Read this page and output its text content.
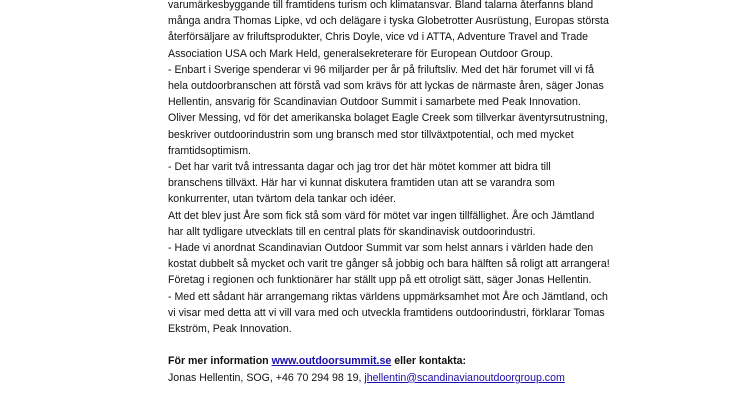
varumärkesbyggande till framtidens turism och klimatansvar. Bland talarna återfanns bland
många andra Thomas Lipke, vd och delägare i tyska Globetrotter Ausrüstung, Europas största
återförsäljare av friluftsprodukter, Chris Doyle, vice vd i ATTA, Adventure Travel and Trade
Association USA och Mark Held, generalsekreterare för European Outdoor Group.
- Enbart i Sverige spenderar vi 96 miljarder per år på friluftsliv. Med det här forumet vill vi få
hela outdoorbranschen att förstå vad som krävs för att lyckas de närmaste åren, säger Jonas
Hellentin, ansvarig för Scandinavian Outdoor Summit i samarbete med Peak Innovation.
Oliver Messing, vd för det amerikanska bolaget Eagle Creek som tillverkar äventyrsutrustning,
beskriver outdoorindustrin som ung bransch med stor tillväxtpotential, och med mycket
framtidsoptimism.
- Det har varit två intressanta dagar och jag tror det här mötet kommer att bidra till
branschens tillväxt. Här har vi kunnat diskutera framtiden utan att se varandra som
konkurrenter, utan tvärtom dela tankar och idéer.
Att det blev just Åre som fick stå som värd för mötet var ingen tillfällighet. Åre och Jämtland
har allt tydligare utvecklats till en central plats för skandinavisk outdoorindustri.
- Hade vi anordnat Scandinavian Outdoor Summit var som helst annars i världen hade den
kostat dubbelt så mycket och varit tre gånger så jobbig och bara hälften så roligt att arrangera!
Företag i regionen och funktionärer har ställt upp på ett otroligt sätt, säger Jonas Hellentin.
- Med ett sådant här arrangemang riktas världens uppmärksamhet mot Åre och Jämtland, och
vi visar med detta att vi vill vara med och utveckla framtidens outdoorindustri, förklarar Tomas
Ekström, Peak Innovation.
För mer information www.outdoorsummit.se eller kontakta:
Jonas Hellentin, SOG, +46 70 294 98 19, jhellentin@scandinavianoutdoorgroup.com
